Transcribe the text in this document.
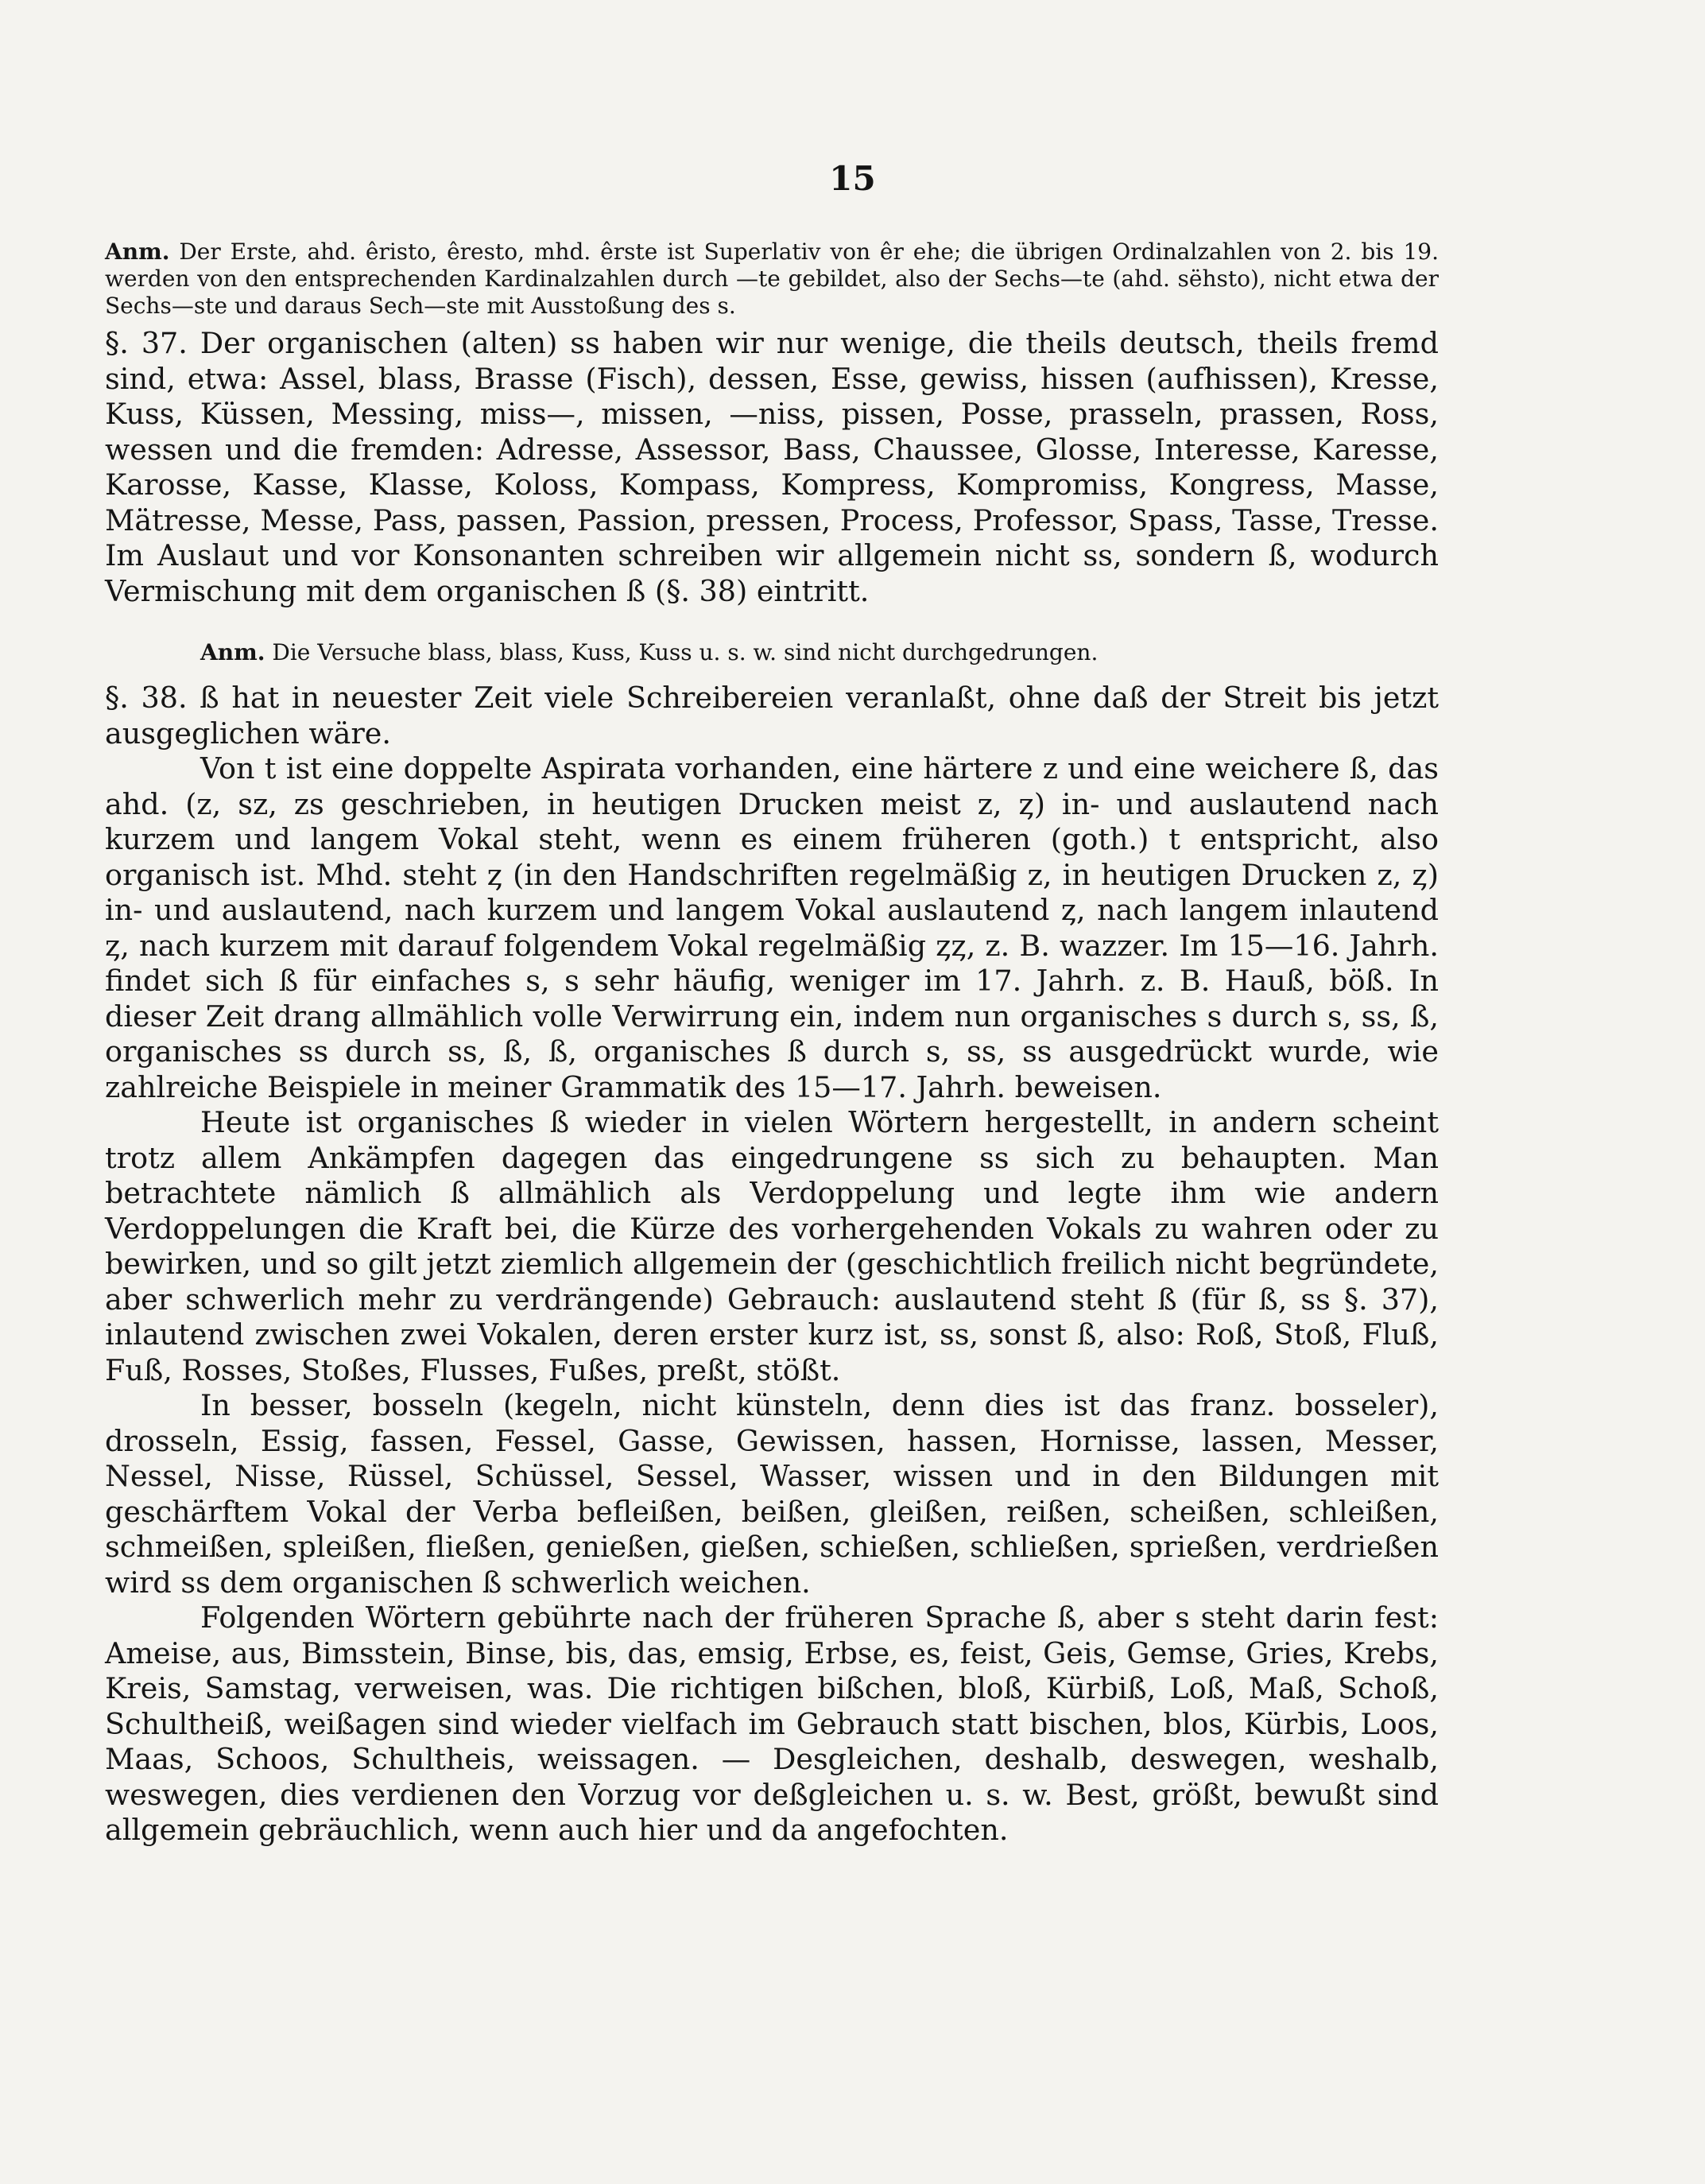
15

Anm. Der Erste, ahd. êristo, êresto, mhd. êrste ist Superlativ von êr ehe; die übrigen Ordinalzahlen von 2. bis 19. werden von den entsprechenden Kardinalzahlen durch —te gebildet, also der Sechs—te (ahd. sëhsto), nicht etwa der Sechs—ste und daraus Sech—ste mit Ausstoßung des s.

§. 37. Der organischen (alten) ss haben wir nur wenige, die theils deutsch, theils fremd sind, etwa: Assel, blass, Brasse (Fisch), dessen, Esse, gewiss, hissen (aufhissen), Kresse, Kuss, Küssen, Messing, miss—, missen, —niss, pissen, Posse, prasseln, prassen, Ross, wessen und die fremden: Adresse, Assessor, Bass, Chaussee, Glosse, Interesse, Karesse, Karosse, Kasse, Klasse, Koloss, Kompass, Kompress, Kompromiss, Kongress, Masse, Mätresse, Messe, Pass, passen, Passion, pressen, Process, Professor, Spass, Tasse, Tresse. Im Auslaut und vor Konsonanten schreiben wir allgemein nicht ss, sondern ß, wodurch Vermischung mit dem organischen ß (§. 38) eintritt.

Anm. Die Versuche blass, blass, Kuss, Kuss u. s. w. sind nicht durchgedrungen.

§. 38. ß hat in neuester Zeit viele Schreibereien veranlaßt, ohne daß der Streit bis jetzt ausgeglichen wäre.

Von t ist eine doppelte Aspirata vorhanden, eine härtere z und eine weichere ß, das ahd. (z, sz, zs geschrieben, in heutigen Drucken meist z, ȥ) in- und auslautend nach kurzem und langem Vokal steht, wenn es einem früheren (goth.) t entspricht, also organisch ist. Mhd. steht ȥ (in den Handschriften regelmäßig z, in heutigen Drucken z, ȥ) in- und auslautend, nach kurzem und langem Vokal auslautend ȥ, nach langem inlautend ȥ, nach kurzem mit darauf folgendem Vokal regelmäßig ȥȥ, z. B. wazzer. Im 15—16. Jahrh. findet sich ß für einfaches s, s sehr häufig, weniger im 17. Jahrh. z. B. Hauß, böß. In dieser Zeit drang allmählich volle Verwirrung ein, indem nun organisches s durch s, ss, ß, organisches ss durch ss, ß, ß, organisches ß durch s, ss, ss ausgedrückt wurde, wie zahlreiche Beispiele in meiner Grammatik des 15—17. Jahrh. beweisen.

Heute ist organisches ß wieder in vielen Wörtern hergestellt, in andern scheint trotz allem Ankämpfen dagegen das eingedrungene ss sich zu behaupten. Man betrachtete nämlich ß allmählich als Verdoppelung und legte ihm wie andern Verdoppelungen die Kraft bei, die Kürze des vorhergehenden Vokals zu wahren oder zu bewirken, und so gilt jetzt ziemlich allgemein der (geschichtlich freilich nicht begründete, aber schwerlich mehr zu verdrängende) Gebrauch: auslautend steht ß (für ß, ss §. 37), inlautend zwischen zwei Vokalen, deren erster kurz ist, ss, sonst ß, also: Roß, Stoß, Fluß, Fuß, Rosses, Stoßes, Flusses, Fußes, preßt, stößt.

In besser, bosseln (kegeln, nicht künsteln, denn dies ist das franz. bosseler), drosseln, Essig, fassen, Fessel, Gasse, Gewissen, hassen, Hornisse, lassen, Messer, Nessel, Nisse, Rüssel, Schüssel, Sessel, Wasser, wissen und in den Bildungen mit geschärftem Vokal der Verba befleißen, beißen, gleißen, reißen, scheißen, schleißen, schmeißen, spleißen, fließen, genießen, gießen, schießen, schließen, sprießen, verdrießen wird ss dem organischen ß schwerlich weichen.

Folgenden Wörtern gebührte nach der früheren Sprache ß, aber s steht darin fest: Ameise, aus, Bimsstein, Binse, bis, das, emsig, Erbse, es, feist, Geis, Gemse, Gries, Krebs, Kreis, Samstag, verweisen, was. Die richtigen bißchen, bloß, Kürbiß, Loß, Maß, Schoß, Schultheiß, weißagen sind wieder vielfach im Gebrauch statt bischen, blos, Kürbis, Loos, Maas, Schoos, Schultheis, weissagen. — Desgleichen, deshalb, deswegen, weshalb, weswegen, dies verdienen den Vorzug vor deßgleichen u. s. w. Best, größt, bewußt sind allgemein gebräuchlich, wenn auch hier und da angefochten.
